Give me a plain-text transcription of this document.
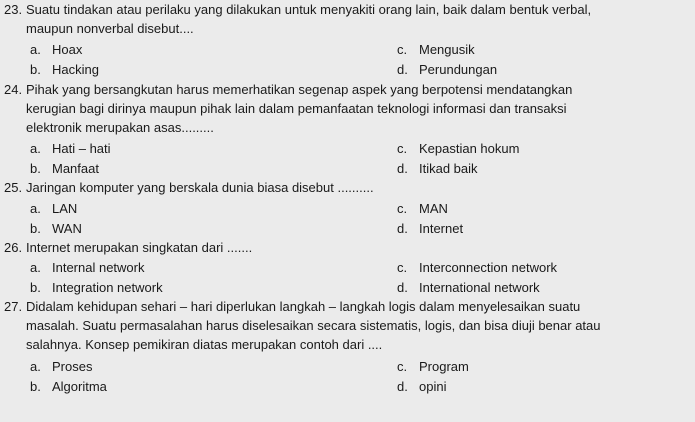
23. Suatu tindakan atau perilaku yang dilakukan untuk menyakiti orang lain, baik dalam bentuk verbal,
maupun nonverbal disebut....
a. Hoax	c. Mengusik
b. Hacking	d. Perundungan
24. Pihak yang bersangkutan harus memerhatikan segenap aspek yang berpotensi mendatangkan
kerugian bagi dirinya maupun pihak lain dalam pemanfaatan teknologi informasi dan transaksi
elektronik merupakan asas.........
a. Hati – hati	c. Kepastian hokum
b. Manfaat	d. Itikad baik
25. Jaringan komputer yang berskala dunia biasa disebut ..........
a. LAN	c. MAN
b. WAN	d. Internet
26. Internet merupakan singkatan dari .......
a. Internal network	c. Interconnection network
b. Integration network	d. International network
27. Didalam kehidupan sehari – hari diperlukan langkah – langkah logis dalam menyelesaikan suatu
masalah. Suatu permasalahan harus diselesaikan secara sistematis, logis, dan bisa diuji benar atau
salahnya. Konsep pemikiran diatas merupakan contoh dari ....
a. Proses	c. Program
b. Algoritma	d. opini
